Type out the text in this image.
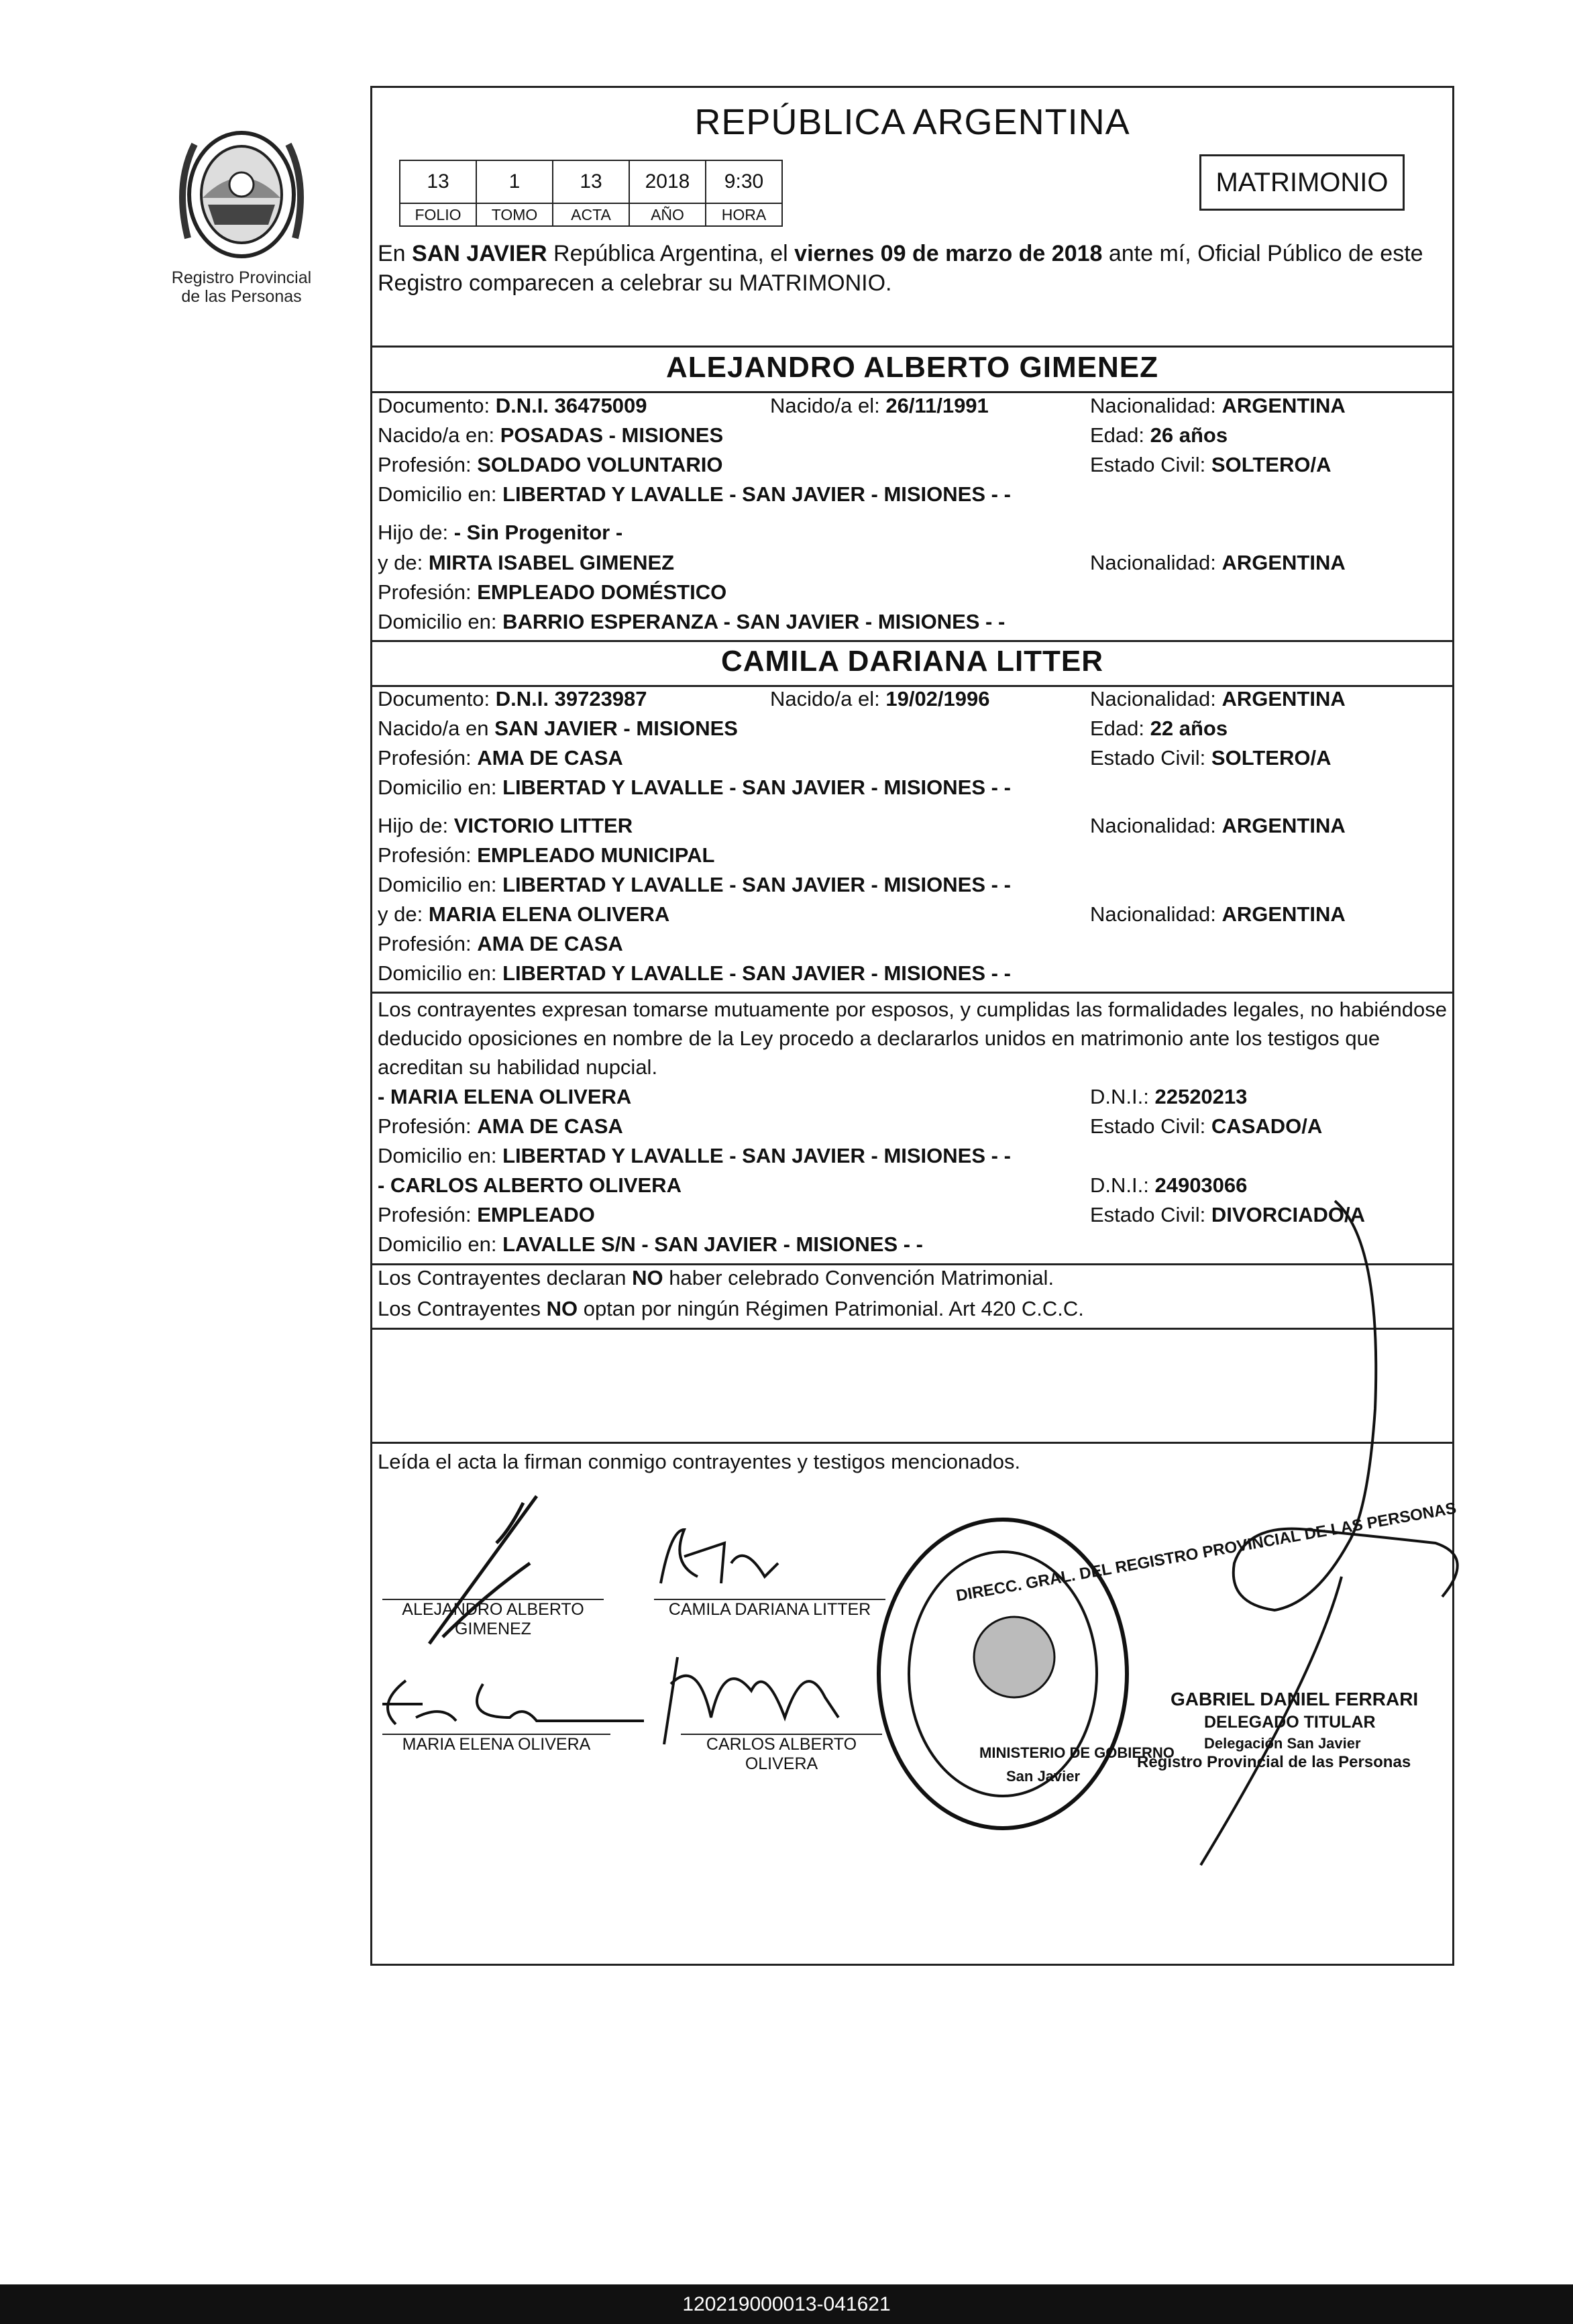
Registro Provincial
de las Personas
REPÚBLICA ARGENTINA
13	1	13	2018	9:30
FOLIO	TOMO	ACTA	AÑO	HORA
MATRIMONIO
En SAN JAVIER República Argentina, el viernes 09 de marzo de 2018 ante mí, Oficial Público de este Registro comparecen a celebrar su MATRIMONIO.
ALEJANDRO ALBERTO GIMENEZ
Documento: D.N.I. 36475009	Nacido/a el: 26/11/1991	Nacionalidad: ARGENTINA
Nacido/a en: POSADAS - MISIONES	Edad: 26 años
Profesión: SOLDADO VOLUNTARIO	Estado Civil: SOLTERO/A
Domicilio en: LIBERTAD Y LAVALLE - SAN JAVIER - MISIONES - -
Hijo de: - Sin Progenitor -
y de: MIRTA ISABEL GIMENEZ	Nacionalidad: ARGENTINA
Profesión: EMPLEADO DOMÉSTICO
Domicilio en: BARRIO ESPERANZA - SAN JAVIER - MISIONES - -
CAMILA DARIANA LITTER
Documento: D.N.I. 39723987	Nacido/a el: 19/02/1996	Nacionalidad: ARGENTINA
Nacido/a en SAN JAVIER - MISIONES	Edad: 22 años
Profesión: AMA DE CASA	Estado Civil: SOLTERO/A
Domicilio en: LIBERTAD Y LAVALLE - SAN JAVIER - MISIONES - -
Hijo de: VICTORIO LITTER	Nacionalidad: ARGENTINA
Profesión: EMPLEADO MUNICIPAL
Domicilio en: LIBERTAD Y LAVALLE - SAN JAVIER - MISIONES - -
y de: MARIA ELENA OLIVERA	Nacionalidad: ARGENTINA
Profesión: AMA DE CASA
Domicilio en: LIBERTAD Y LAVALLE - SAN JAVIER - MISIONES - -
Los contrayentes expresan tomarse mutuamente por esposos, y cumplidas las formalidades legales, no habiéndose deducido oposiciones en nombre de la Ley procedo a declararlos unidos en matrimonio ante los testigos que acreditan su habilidad nupcial.
- MARIA ELENA OLIVERA	D.N.I.: 22520213
Profesión: AMA DE CASA	Estado Civil: CASADO/A
Domicilio en: LIBERTAD Y LAVALLE - SAN JAVIER - MISIONES - -
- CARLOS ALBERTO OLIVERA	D.N.I.: 24903066
Profesión: EMPLEADO	Estado Civil: DIVORCIADO/A
Domicilio en: LAVALLE S/N - SAN JAVIER - MISIONES - -
Los Contrayentes declaran NO haber celebrado Convención Matrimonial.
Los Contrayentes NO optan por ningún Régimen Patrimonial. Art 420 C.C.C.
Leída el acta la firman conmigo contrayentes y testigos mencionados.
ALEJANDRO ALBERTO
GIMENEZ
CAMILA DARIANA LITTER
MARIA ELENA OLIVERA	CARLOS ALBERTO
OLIVERA
GABRIEL DANIEL FERRARI
DELEGADO TITULAR
Delegación San Javier
Registro Provincial de las Personas
DIRECC. GRAL. DEL REGISTRO PROVINCIAL DE LAS PERSONAS
MINISTERIO DE GOBIERNO
San Javier
120219000013-041621
